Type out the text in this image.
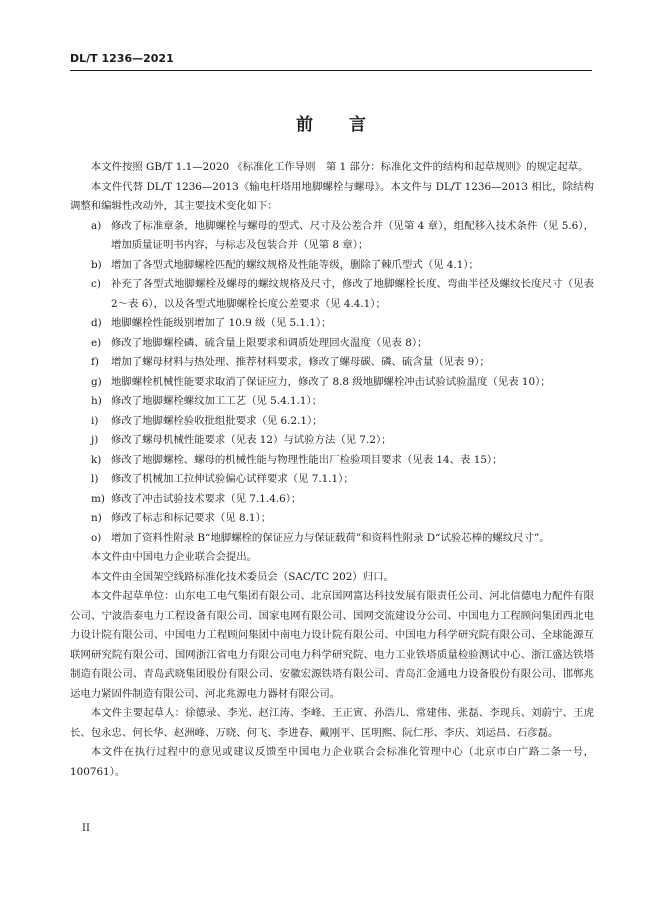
DL/T 1236—2021
前言
本文件按照 GB/T 1.1—2020 《标准化工作导则　第 1 部分：标准化文件的结构和起草规则》的规定起草。
本文件代替 DL/T 1236—2013《输电杆塔用地脚螺栓与螺母》。本文件与 DL/T 1236—2013 相比，除结构调整和编辑性改动外，其主要技术变化如下：
a) 修改了标准章条，地脚螺栓与螺母的型式、尺寸及公差合并（见第 4 章），组配移入技术条件（见 5.6），增加质量证明书内容，与标志及包装合并（见第 8 章）；
b) 增加了各型式地脚螺栓匹配的螺纹规格及性能等级，删除了棘爪型式（见 4.1）；
c) 补充了各型式地脚螺栓及螺母的螺纹规格及尺寸，修改了地脚螺栓长度、弯曲半径及螺纹长度尺寸（见表 2～表 6），以及各型式地脚螺栓长度公差要求（见 4.4.1）；
d) 地脚螺栓性能级别增加了 10.9 级（见 5.1.1）；
e) 修改了地脚螺栓磷、硫含量上限要求和调质处理回火温度（见表 8）；
f)	增加了螺母材料与热处理、推荐材料要求，修改了螺母碳、磷、硫含量（见表 9）；
g) 地脚螺栓机械性能要求取消了保证应力，修改了 8.8 级地脚螺栓冲击试验试验温度（见表 10）；
h) 修改了地脚螺栓螺纹加工工艺（见 5.4.1.1）；
i)	修改了地脚螺栓验收批组批要求（见 6.2.1）；
j)	修改了螺母机械性能要求（见表 12）与试验方法（见 7.2）；
k) 修改了地脚螺栓、螺母的机械性能与物理性能出厂检验项目要求（见表 14、表 15）；
l)	修改了机械加工拉伸试验偏心试样要求（见 7.1.1）；
m) 修改了冲击试验技术要求（见 7.1.4.6）；
n) 修改了标志和标记要求（见 8.1）；
o) 增加了资料性附录 B“地脚螺栓的保证应力与保证载荷”和资料性附录 D“试验芯棒的螺纹尺寸”。
本文件由中国电力企业联合会提出。
本文件由全国架空线路标准化技术委员会（SAC/TC 202）归口。
本文件起草单位：山东电工电气集团有限公司、北京国网富达科技发展有限责任公司、河北信德电力配件有限公司、宁波浩泰电力工程设备有限公司、国家电网有限公司、国网交流建设分公司、中国电力工程顾问集团西北电力设计院有限公司、中国电力工程顾问集团中南电力设计院有限公司、中国电力科学研究院有限公司、全球能源互联网研究院有限公司、国网浙江省电力有限公司电力科学研究院、电力工业铁塔质量检验测试中心、浙江盛达铁塔制造有限公司、青岛武晓集团股份有限公司、安徽宏源铁塔有限公司、青岛汇金通电力设备股份有限公司、邯郸兆运电力紧固件制造有限公司、河北兆源电力器材有限公司。
本文件主要起草人：徐德录、李光、赵江涛、李峰、王正寅、孙浩儿、常建伟、张磊、李现兵、刘蔚宁、王虎长、包永忠、何长华、赵洲峰、万晓、何飞、李进春、戴刚平、匡明熙、阮仁彤、李庆、刘运昌、石彦磊。
本文件在执行过程中的意见或建议反馈至中国电力企业联合会标准化管理中心（北京市白广路二条一号，100761）。
II
